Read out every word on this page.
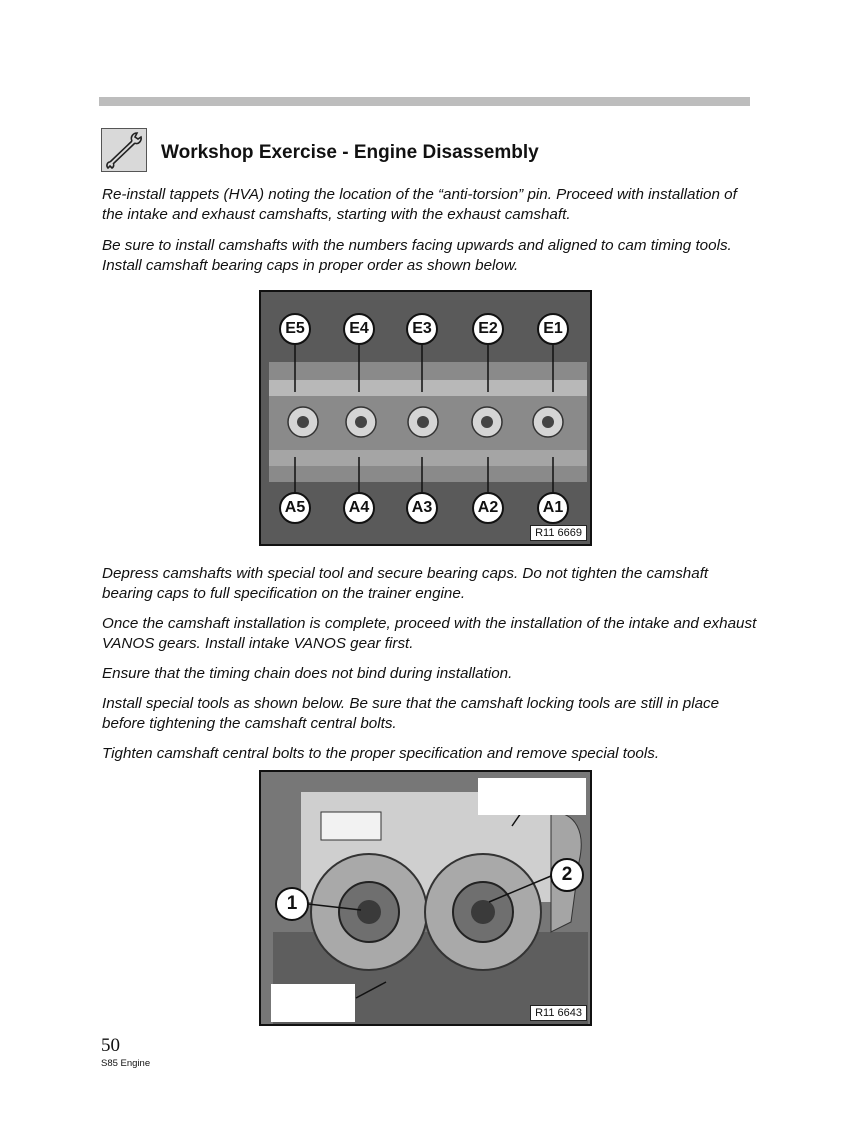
Workshop Exercise - Engine Disassembly

Re-install tappets (HVA) noting the location of the “anti-torsion” pin. Proceed with installation of the intake and exhaust camshafts, starting with the exhaust camshaft.

Be sure to install camshafts with the numbers facing upwards and aligned to cam timing tools. Install camshaft bearing caps in proper order as shown below.

E5	E4	E3	E2	E1
A5	A4	A3	A2	A1
R11 6669

Depress camshafts with special tool and secure bearing caps. Do not tighten the camshaft bearing caps to full specification on the trainer engine.

Once the camshaft installation is complete, proceed with the installation of the intake and exhaust VANOS gears. Install intake VANOS gear first.

Ensure that the timing chain does not bind during installation.

Install special tools as shown below. Be sure that the camshaft locking tools are still in place before tightening the camshaft central bolts.

Tighten camshaft central bolts to the proper specification and remove special tools.

1
2
R11 6643
50
S85 Engine
